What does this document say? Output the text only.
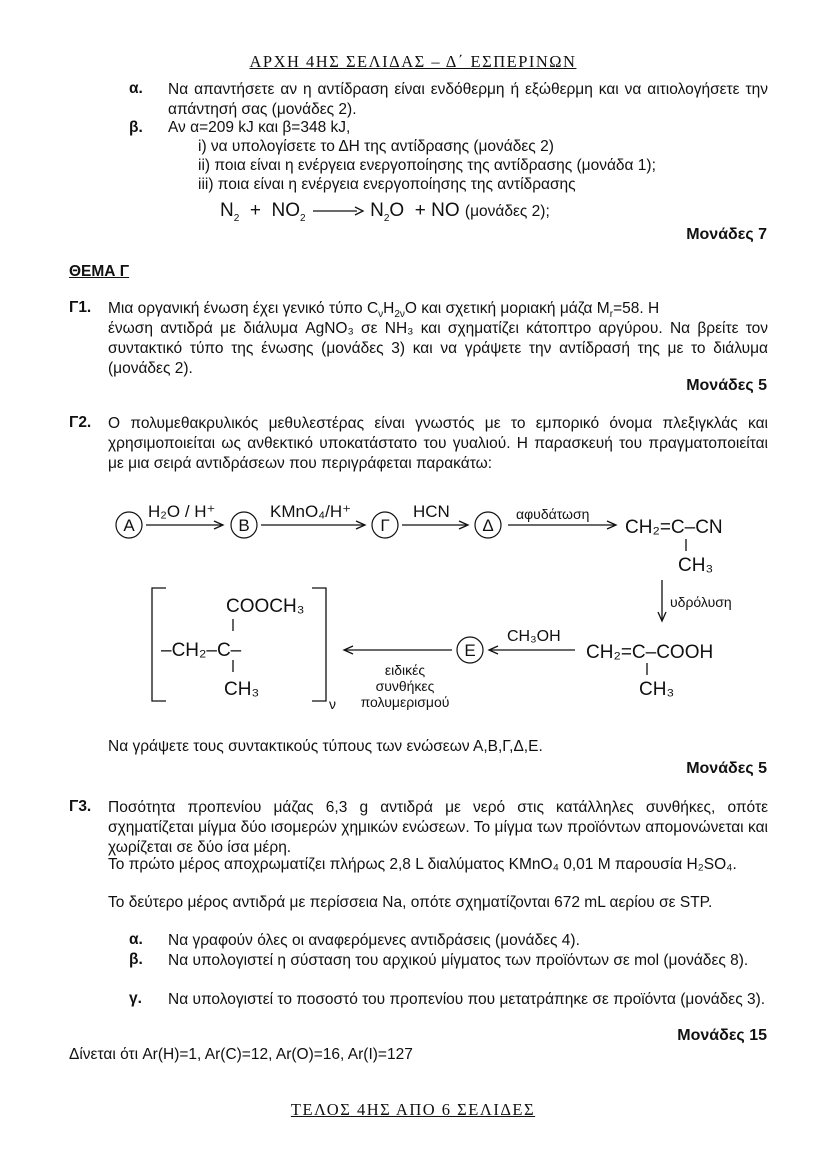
ΑΡΧΗ 4ΗΣ ΣΕΛΙΔΑΣ – Δ΄ ΕΣΠΕΡΙΝΩΝ
α. Να απαντήσετε αν η αντίδραση είναι ενδόθερμη ή εξώθερμη και να αιτιολογήσετε την απάντησή σας (μονάδες 2).
β. Αν α=209 kJ και β=348 kJ,
i) να υπολογίσετε το ΔΗ της αντίδρασης (μονάδες 2)
ii) ποια είναι η ενέργεια ενεργοποίησης της αντίδρασης (μονάδα 1);
iii) ποια είναι η ενέργεια ενεργοποίησης της αντίδρασης
$N_2 + NO_2 \to N_2O$  + NO (μονάδες 2);
Μονάδες 7
ΘΕΜΑ Γ
Γ1. Μια οργανική ένωση έχει γενικό τύπο $C_\nu H_{2\nu}O$ και σχετική μοριακή μάζα $M_r=58$. Η
ένωση αντιδρά με διάλυμα AgNO₃ σε NH₃ και σχηματίζει κάτοπτρο αργύρου. Να βρείτε τον συντακτικό τύπο της ένωσης (μονάδες 3) και να γράψετε την αντίδρασή της με το διάλυμα (μονάδες 2).
Μονάδες 5
Γ2. Ο πολυμεθακρυλικός μεθυλεστέρας είναι γνωστός με το εμπορικό όνομα πλεξιγκλάς και χρησιμοποιείται ως ανθεκτικό υποκατάστατο του γυαλιού. Η παρασκευή του πραγματοποιείται με μια σειρά αντιδράσεων που περιγράφεται παρακάτω:
Α	Β	Γ	Δ
Ε
H₂O / H⁺	KMnO₄/H⁺	HCN	αφυδάτωση
CH₂=C–CN
CH₃
υδρόλυση
CH₂=C–COOH
CH₃
CH₃OH
ειδικές
συνθήκες
πολυμερισμού
COOCH₃
–CH₂–C–
CH₃
ν
Να γράψετε τους συντακτικούς τύπους των ενώσεων Α,Β,Γ,Δ,Ε.
Μονάδες 5
Γ3. Ποσότητα προπενίου μάζας 6,3 g αντιδρά με νερό στις κατάλληλες συνθήκες, οπότε σχηματίζεται μίγμα δύο ισομερών χημικών ενώσεων. Το μίγμα των προϊόντων απομονώνεται και χωρίζεται σε δύο ίσα μέρη.
Το πρώτο μέρος αποχρωματίζει πλήρως 2,8 L διαλύματος KMnO₄ 0,01 M παρουσία H₂SO₄.
Το δεύτερο μέρος αντιδρά με περίσσεια Na, οπότε σχηματίζονται 672 mL αερίου σε STP.
α. Να γραφούν όλες οι αναφερόμενες αντιδράσεις (μονάδες 4).
β. Να υπολογιστεί η σύσταση του αρχικού μίγματος των προϊόντων σε mol (μονάδες 8).
γ. Να υπολογιστεί το ποσοστό του προπενίου που μετατράπηκε σε προϊόντα (μονάδες 3).
Μονάδες 15
Δίνεται ότι Ar(H)=1, Ar(C)=12, Ar(O)=16, Ar(I)=127
ΤΕΛΟΣ 4ΗΣ ΑΠΟ 6 ΣΕΛΙΔΕΣ
